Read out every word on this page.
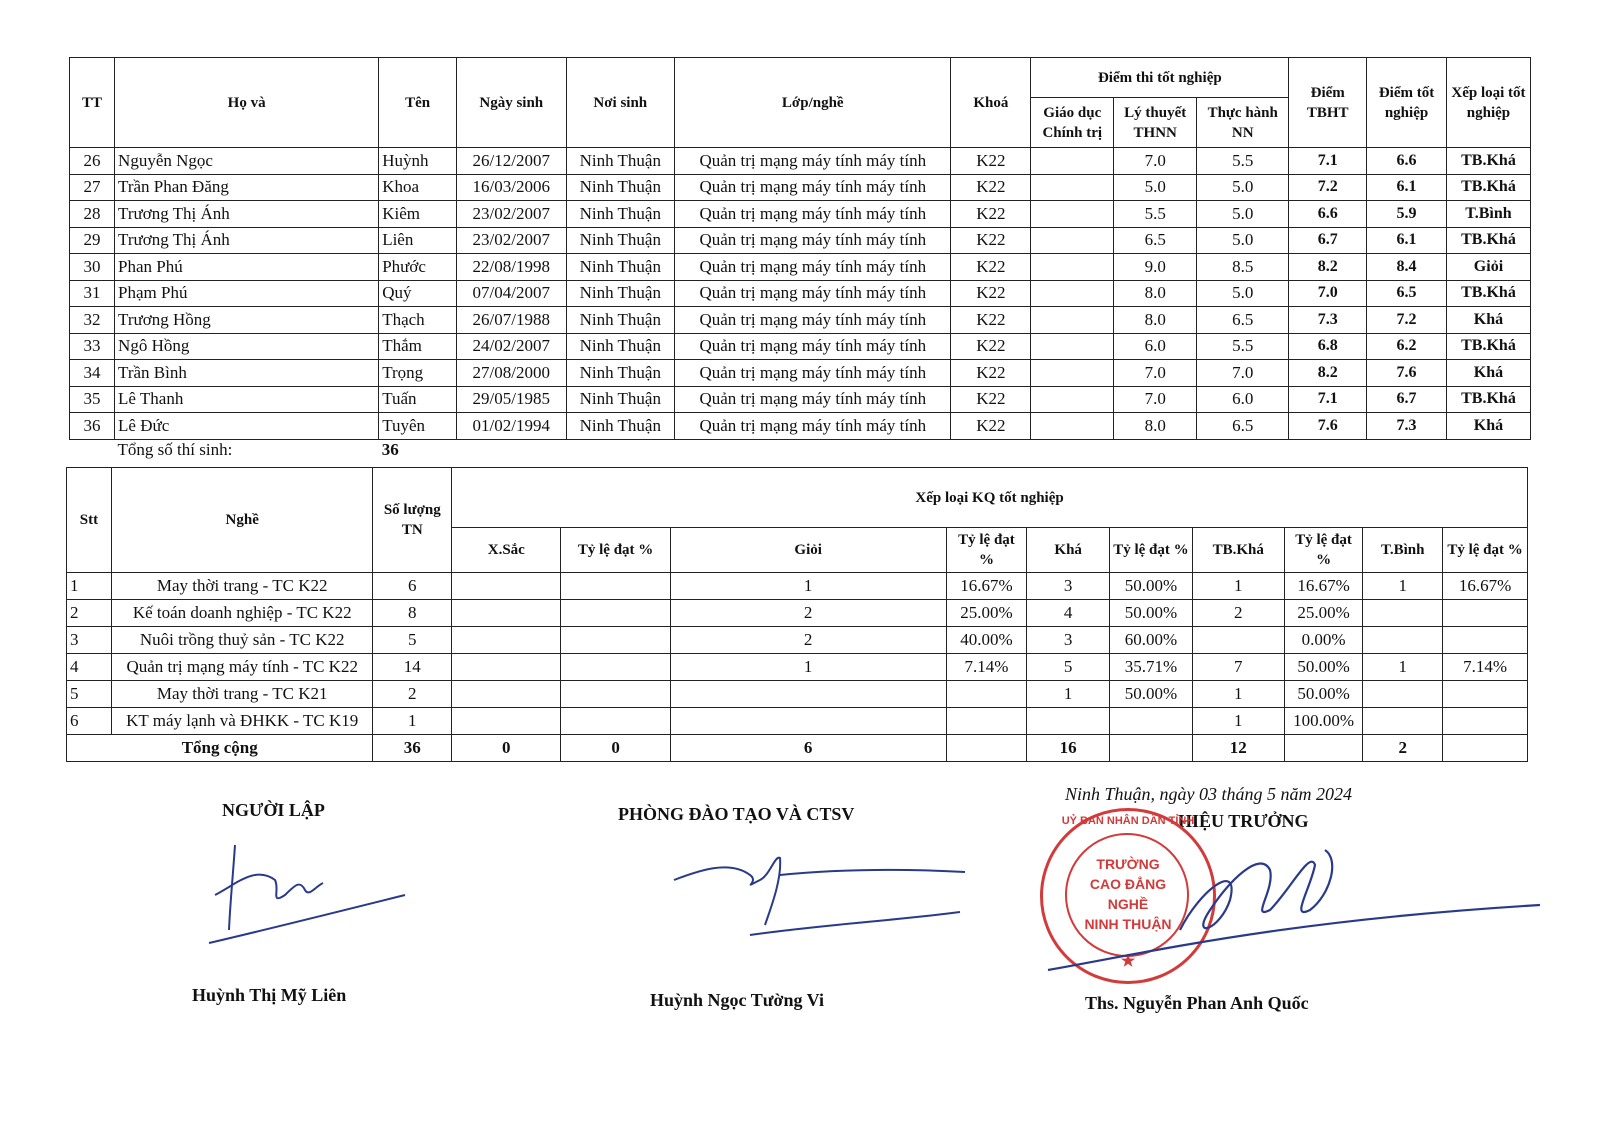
TT	Họ và	Tên	Ngày sinh	Nơi sinh	Lớp/nghề	Khoá	Điểm thi tốt nghiệp			Điểm TBHT	Điểm tốt nghiệp	Xếp loại tốt nghiệp
							Giáo dục Chính trị	Lý thuyết THNN	Thực hành NN			
26	Nguyễn Ngọc	Huỳnh	26/12/2007	Ninh Thuận	Quản trị mạng máy tính máy tính	K22		7.0	5.5	7.1	6.6	TB.Khá
27	Trần Phan Đăng	Khoa	16/03/2006	Ninh Thuận	Quản trị mạng máy tính máy tính	K22		5.0	5.0	7.2	6.1	TB.Khá
28	Trương Thị Ánh	Kiêm	23/02/2007	Ninh Thuận	Quản trị mạng máy tính máy tính	K22		5.5	5.0	6.6	5.9	T.Bình
29	Trương Thị Ánh	Liên	23/02/2007	Ninh Thuận	Quản trị mạng máy tính máy tính	K22		6.5	5.0	6.7	6.1	TB.Khá
30	Phan Phú	Phước	22/08/1998	Ninh Thuận	Quản trị mạng máy tính máy tính	K22		9.0	8.5	8.2	8.4	Giỏi
31	Phạm Phú	Quý	07/04/2007	Ninh Thuận	Quản trị mạng máy tính máy tính	K22		8.0	5.0	7.0	6.5	TB.Khá
32	Trương Hồng	Thạch	26/07/1988	Ninh Thuận	Quản trị mạng máy tính máy tính	K22		8.0	6.5	7.3	7.2	Khá
33	Ngô Hồng	Thắm	24/02/2007	Ninh Thuận	Quản trị mạng máy tính máy tính	K22		6.0	5.5	6.8	6.2	TB.Khá
34	Trần Bình	Trọng	27/08/2000	Ninh Thuận	Quản trị mạng máy tính máy tính	K22		7.0	7.0	8.2	7.6	Khá
35	Lê Thanh	Tuấn	29/05/1985	Ninh Thuận	Quản trị mạng máy tính máy tính	K22		7.0	6.0	7.1	6.7	TB.Khá
36	Lê Đức	Tuyên	01/02/1994	Ninh Thuận	Quản trị mạng máy tính máy tính	K22		8.0	6.5	7.6	7.3	Khá
	Tổng số thí sinh:	36										
Stt	Nghề	Số lượng TN	Xếp loại KQ tốt nghiệp									
			X.Sắc	Tỷ lệ đạt %	Giỏi	Tỷ lệ đạt %	Khá	Tỷ lệ đạt %	TB.Khá	Tỷ lệ đạt %	T.Bình	Tỷ lệ đạt %
1	May thời trang - TC K22	6			1	16.67%	3	50.00%	1	16.67%	1	16.67%
2	Kế toán doanh nghiệp - TC K22	8			2	25.00%	4	50.00%	2	25.00%		
3	Nuôi trồng thuỷ sản - TC K22	5			2	40.00%	3	60.00%		0.00%		
4	Quản trị mạng máy tính - TC K22	14			1	7.14%	5	35.71%	7	50.00%	1	7.14%
5	May thời trang - TC K21	2					1	50.00%	1	50.00%		
6	KT máy lạnh và ĐHKK - TC K19	1							1	100.00%		
Tổng cộng		36	0	0	6		16		12		2	
NGƯỜI LẬP
Huỳnh Thị Mỹ Liên
PHÒNG ĐÀO TẠO VÀ CTSV
Huỳnh Ngọc Tường Vi
Ninh Thuận, ngày 03 tháng 5 năm 2024
HIỆU TRƯỞNG
UỶ BAN NHÂN DÂN TỈNH
TRƯỜNG
CAO ĐẲNG
NGHỀ
NINH THUẬN
★
Ths. Nguyễn Phan Anh Quốc
